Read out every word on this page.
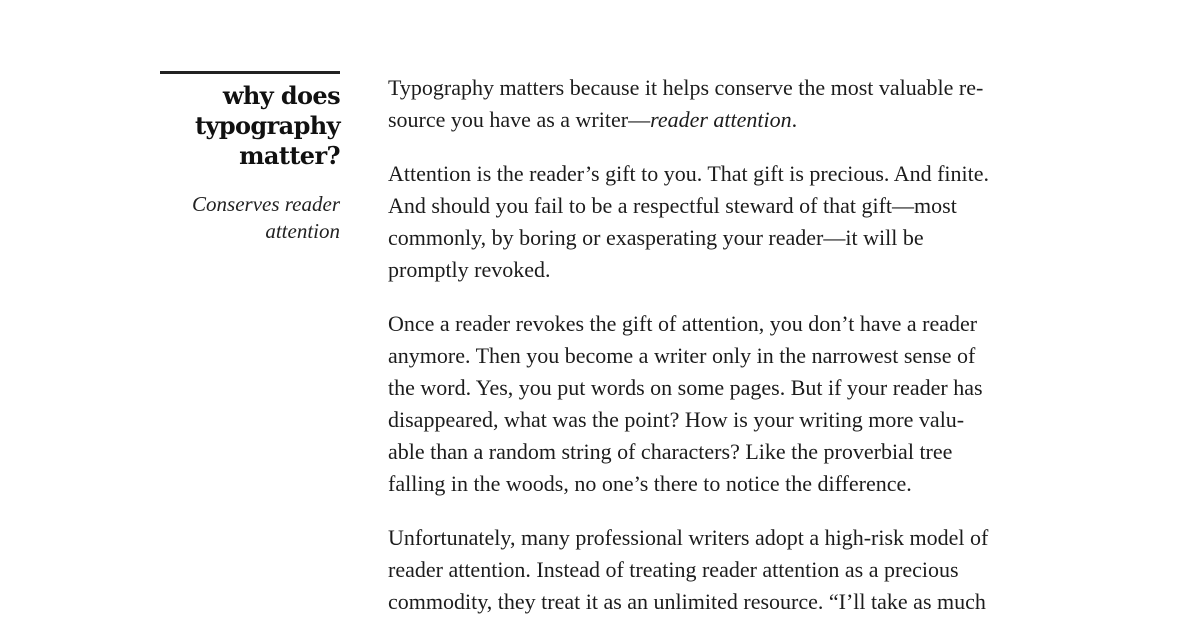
why does
typography
matter?
Conserves reader
attention

Typography matters because it helps conserve the most valuable re-
source you have as a writer—reader attention.

Attention is the reader’s gift to you. That gift is precious. And finite.
And should you fail to be a respectful steward of that gift—most
commonly, by boring or exasperating your reader—it will be
promptly revoked.

Once a reader revokes the gift of attention, you don’t have a reader
anymore. Then you become a writer only in the narrowest sense of
the word. Yes, you put words on some pages. But if your reader has
disappeared, what was the point? How is your writing more valu-
able than a random string of characters? Like the proverbial tree
falling in the woods, no one’s there to notice the difference.

Unfortunately, many professional writers adopt a high-risk model of
reader attention. Instead of treating reader attention as a precious
commodity, they treat it as an unlimited resource. “I’ll take as much
